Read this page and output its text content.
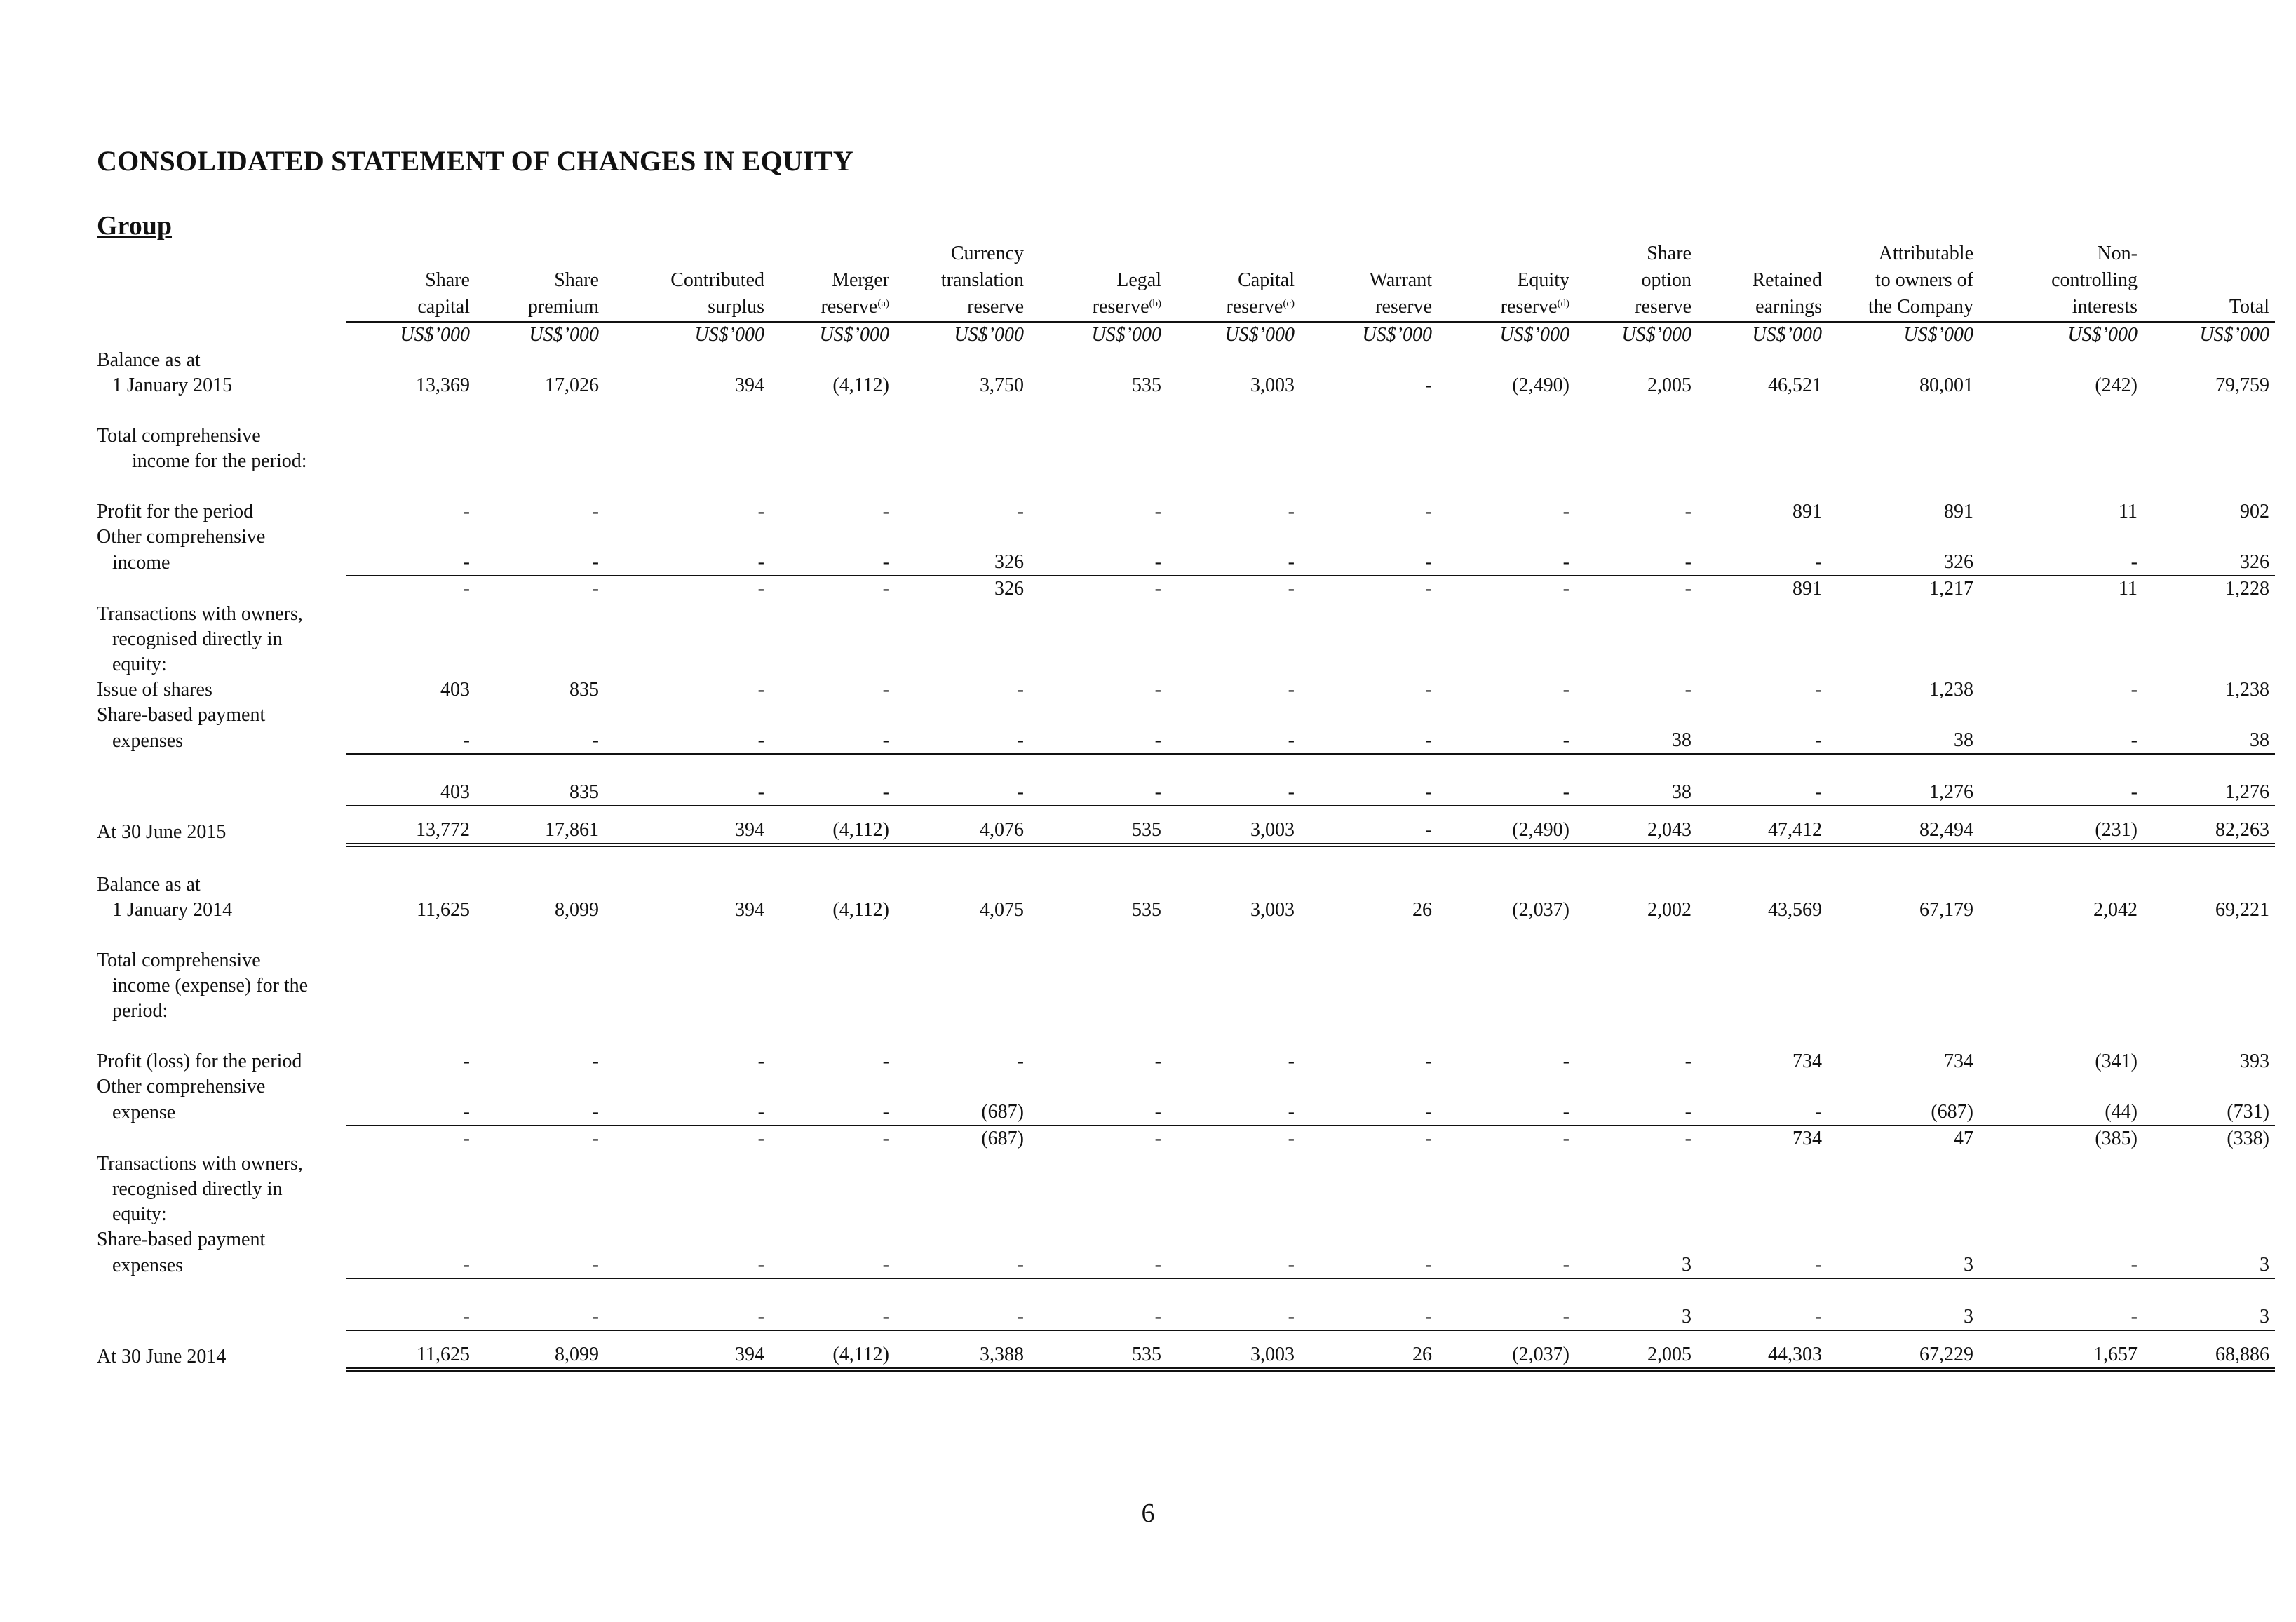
CONSOLIDATED STATEMENT OF CHANGES IN EQUITY
Group
					Currency					Share		Attributable	Non-	
	Share	Share	Contributed	Merger	translation	Legal	Capital	Warrant	Equity	option	Retained	to owners of	controlling	
	capital	premium	surplus	reserve$^{(a)}$	reserve	reserve$^{(b)}$	reserve$^{(c)}$	reserve	reserve$^{(d)}$	reserve	earnings	the Company	interests	Total
	US$’000	US$’000	US$’000	US$’000	US$’000	US$’000	US$’000	US$’000	US$’000	US$’000	US$’000	US$’000	US$’000	US$’000
Balance as at														
1 January 2015	13,369	17,026	394	(4,112)	3,750	535	3,003	-	(2,490)	2,005	46,521	80,001	(242)	79,759

Total comprehensive														
income for the period:														

Profit for the period	-	-	-	-	-	-	-	-	-	-	891	891	11	902
Other comprehensive														
income	-	-	-	-	326	-	-	-	-	-	-	326	-	326
	-	-	-	-	326	-	-	-	-	-	891	1,217	11	1,228
Transactions with owners,														
recognised directly in														
equity:														
Issue of shares	403	835	-	-	-	-	-	-	-	-	-	1,238	-	1,238
Share-based payment														
expenses	-	-	-	-	-	-	-	-	-	38	-	38	-	38

	403	835	-	-	-	-	-	-	-	38	-	1,276	-	1,276

At 30 June 2015	13,772	17,861	394	(4,112)	4,076	535	3,003	-	(2,490)	2,043	47,412	82,494	(231)	82,263

Balance as at														
1 January 2014	11,625	8,099	394	(4,112)	4,075	535	3,003	26	(2,037)	2,002	43,569	67,179	2,042	69,221

Total comprehensive														
income (expense) for the														
period:														

Profit (loss) for the period	-	-	-	-	-	-	-	-	-	-	734	734	(341)	393
Other comprehensive														
expense	-	-	-	-	(687)	-	-	-	-	-	-	(687)	(44)	(731)
	-	-	-	-	(687)	-	-	-	-	-	734	47	(385)	(338)
Transactions with owners,														
recognised directly in														
equity:														
Share-based payment														
expenses	-	-	-	-	-	-	-	-	-	3	-	3	-	3

	-	-	-	-	-	-	-	-	-	3	-	3	-	3

At 30 June 2014	11,625	8,099	394	(4,112)	3,388	535	3,003	26	(2,037)	2,005	44,303	67,229	1,657	68,886

6
